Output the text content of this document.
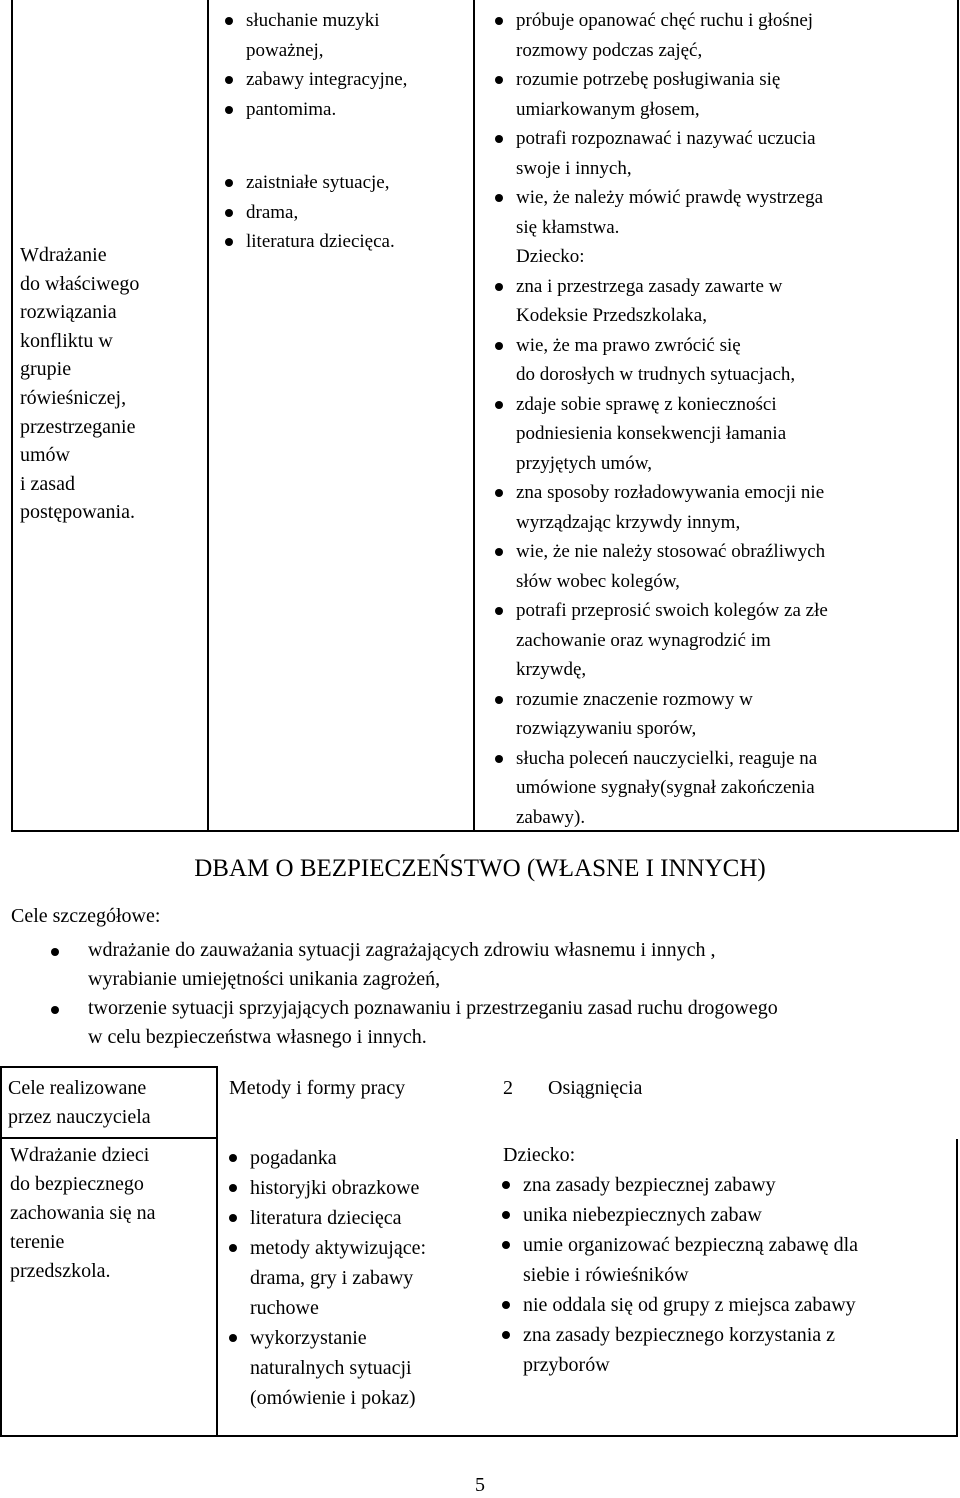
Wdrażanie
do właściwego
rozwiązania
konfliktu w
grupie
rówieśniczej,
przestrzeganie
umów
i zasad
postępowania.
słuchanie muzyki
poważnej,
zabawy integracyjne,
pantomima.
zaistniałe sytuacje,
drama,
literatura dziecięca.
próbuje opanować chęć ruchu i głośnej
rozmowy podczas zajęć,
rozumie potrzebę posługiwania się
umiarkowanym głosem,
potrafi rozpoznawać i nazywać uczucia
swoje i innych,
wie, że należy mówić prawdę wystrzega
się kłamstwa.
Dziecko:
zna i przestrzega zasady zawarte w
Kodeksie Przedszkolaka,
wie, że ma prawo zwrócić się
do dorosłych w trudnych sytuacjach,
zdaje sobie sprawę z konieczności
podniesienia konsekwencji łamania
przyjętych umów,
zna sposoby rozładowywania emocji nie
wyrządzając krzywdy innym,
wie, że nie należy stosować obraźliwych
słów wobec kolegów,
potrafi przeprosić swoich kolegów za złe
zachowanie oraz wynagrodzić im
krzywdę,
rozumie znaczenie rozmowy w
rozwiązywaniu sporów,
słucha poleceń nauczycielki, reaguje na
umówione sygnały(sygnał zakończenia
zabawy).
DBAM O BEZPIECZEŃSTWO (WŁASNE I INNYCH)
Cele szczegółowe:
wdrażanie do zauważania sytuacji zagrażających zdrowiu własnemu i innych ,
wyrabianie umiejętności unikania zagrożeń,
tworzenie sytuacji sprzyjających poznawaniu i przestrzeganiu zasad ruchu drogowego
w celu bezpieczeństwa własnego i innych.
Cele realizowane
przez nauczyciela
Metody i formy pracy	2 Osiągnięcia
Wdrażanie dzieci
do bezpiecznego
zachowania się na
terenie
przedszkola.
pogadanka
historyjki obrazkowe
literatura dziecięca
metody aktywizujące:
drama, gry i zabawy
ruchowe
wykorzystanie
naturalnych sytuacji
(omówienie i pokaz)
Dziecko:
zna zasady bezpiecznej zabawy
unika niebezpiecznych zabaw
umie organizować bezpieczną zabawę dla
siebie i rówieśników
nie oddala się od grupy z miejsca zabawy
zna zasady bezpiecznego korzystania z
przyborów
5
